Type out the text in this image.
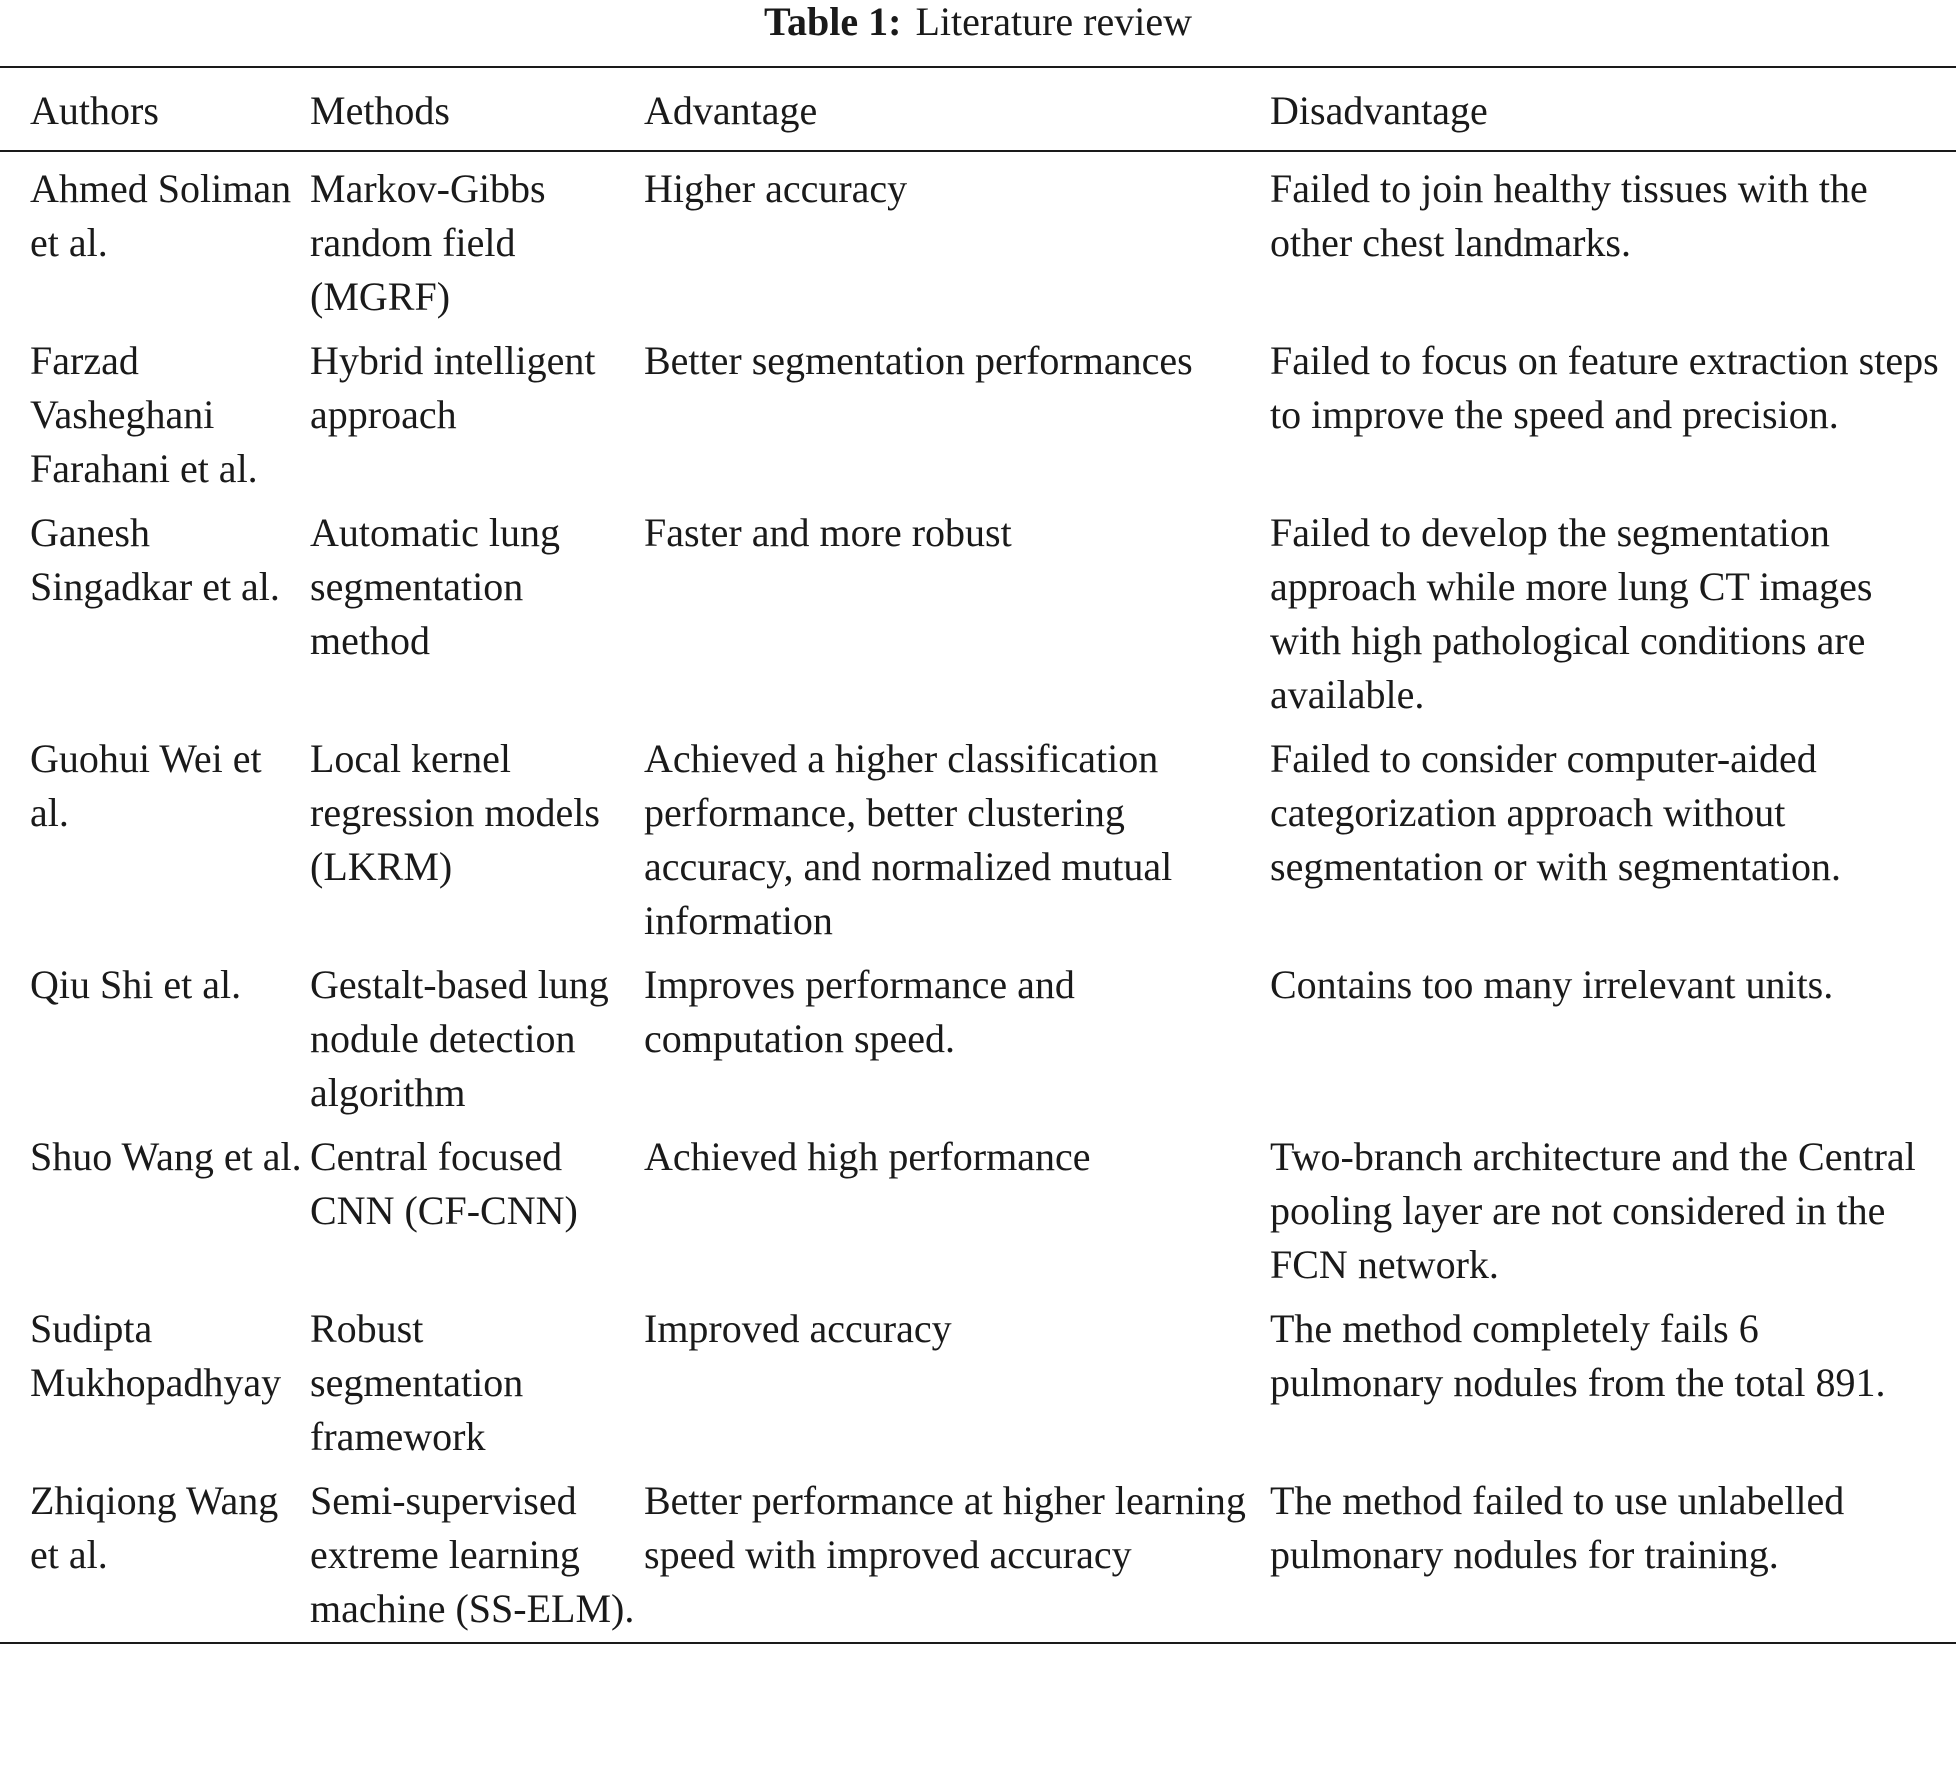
Table 1: Literature review
Authors	Methods	Advantage	Disadvantage
Ahmed Soliman et al.	Markov-Gibbs random field (MGRF)	Higher accuracy	Failed to join healthy tissues with the other chest landmarks.
Farzad Vasheghani Farahani et al.	Hybrid intelligent approach	Better segmentation performances	Failed to focus on feature extraction steps to improve the speed and precision.
Ganesh Singadkar et al.	Automatic lung segmentation method	Faster and more robust	Failed to develop the segmentation approach while more lung CT images with high pathological conditions are available.
Guohui Wei et al.	Local kernel regression models (LKRM)	Achieved a higher classification performance, better clustering accuracy, and normalized mutual information	Failed to consider computer-aided categorization approach without segmentation or with segmentation.
Qiu Shi et al.	Gestalt-based lung nodule detection algorithm	Improves performance and computation speed.	Contains too many irrelevant units.
Shuo Wang et al.	Central focused CNN (CF-CNN)	Achieved high performance	Two-branch architecture and the Central pooling layer are not considered in the FCN network.
Sudipta Mukhopadhyay	Robust segmentation framework	Improved accuracy	The method completely fails 6 pulmonary nodules from the total 891.
Zhiqiong Wang et al.	Semi-supervised extreme learning machine (SS-ELM).	Better performance at higher learning speed with improved accuracy	The method failed to use unlabelled pulmonary nodules for training.
